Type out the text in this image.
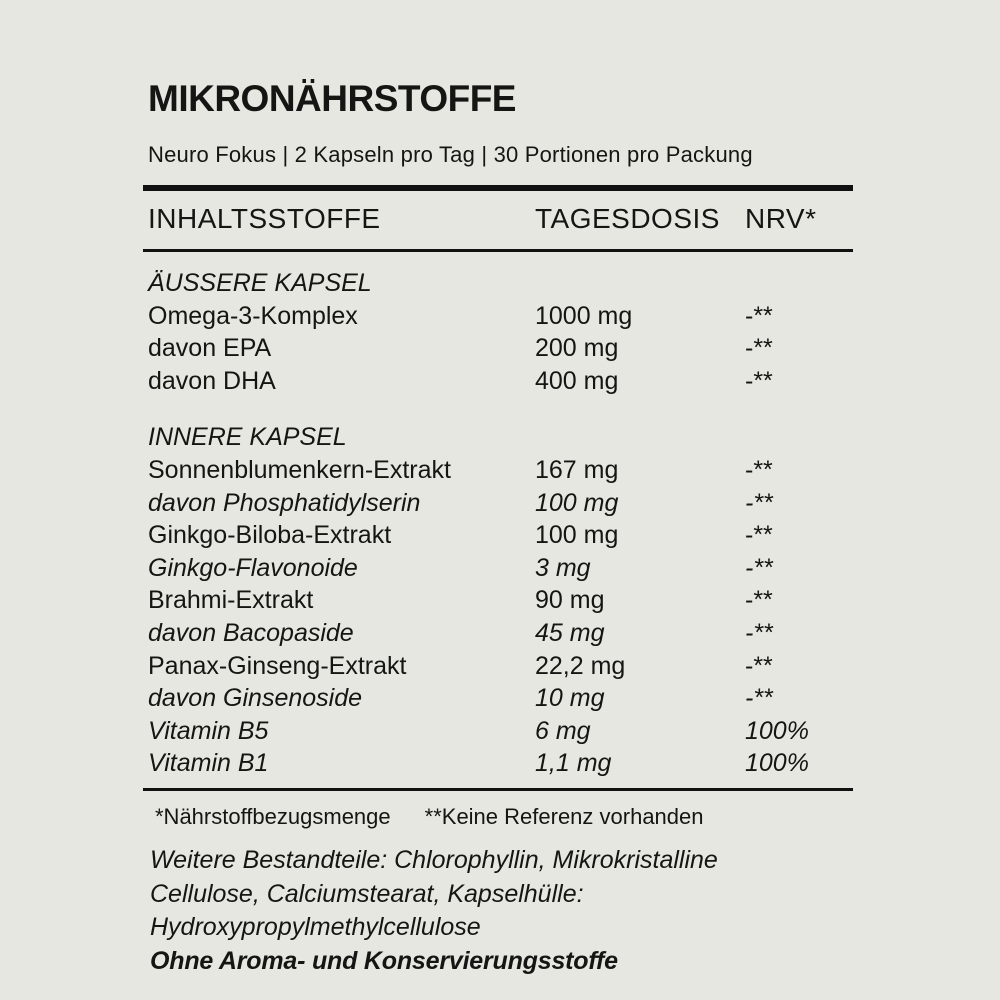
MIKRONÄHRSTOFFE
Neuro Fokus | 2 Kapseln pro Tag | 30 Portionen pro Packung
INHALTSSTOFFE	TAGESDOSIS NRV*
ÄUSSERE KAPSEL
Omega-3-Komplex	1000 mg	-**
davon EPA	200 mg	-**
davon DHA	400 mg	-**
INNERE KAPSEL
Sonnenblumenkern-Extrakt	167 mg	-**
davon Phosphatidylserin	100 mg	-**
Ginkgo-Biloba-Extrakt	100 mg	-**
Ginkgo-Flavonoide	3 mg	-**
Brahmi-Extrakt	90 mg	-**
davon Bacopaside	45 mg	-**
Panax-Ginseng-Extrakt	22,2 mg	-**
davon Ginsenoside	10 mg	-**
Vitamin B5	6 mg	100%
Vitamin B1	1,1 mg	100%
*Nährstoffbezugsmenge **Keine Referenz vorhanden
Weitere Bestandteile: Chlorophyllin, Mikrokristalline
Cellulose, Calciumstearat, Kapselhülle:
Hydroxypropylmethylcellulose
Ohne Aroma- und Konservierungsstoffe
